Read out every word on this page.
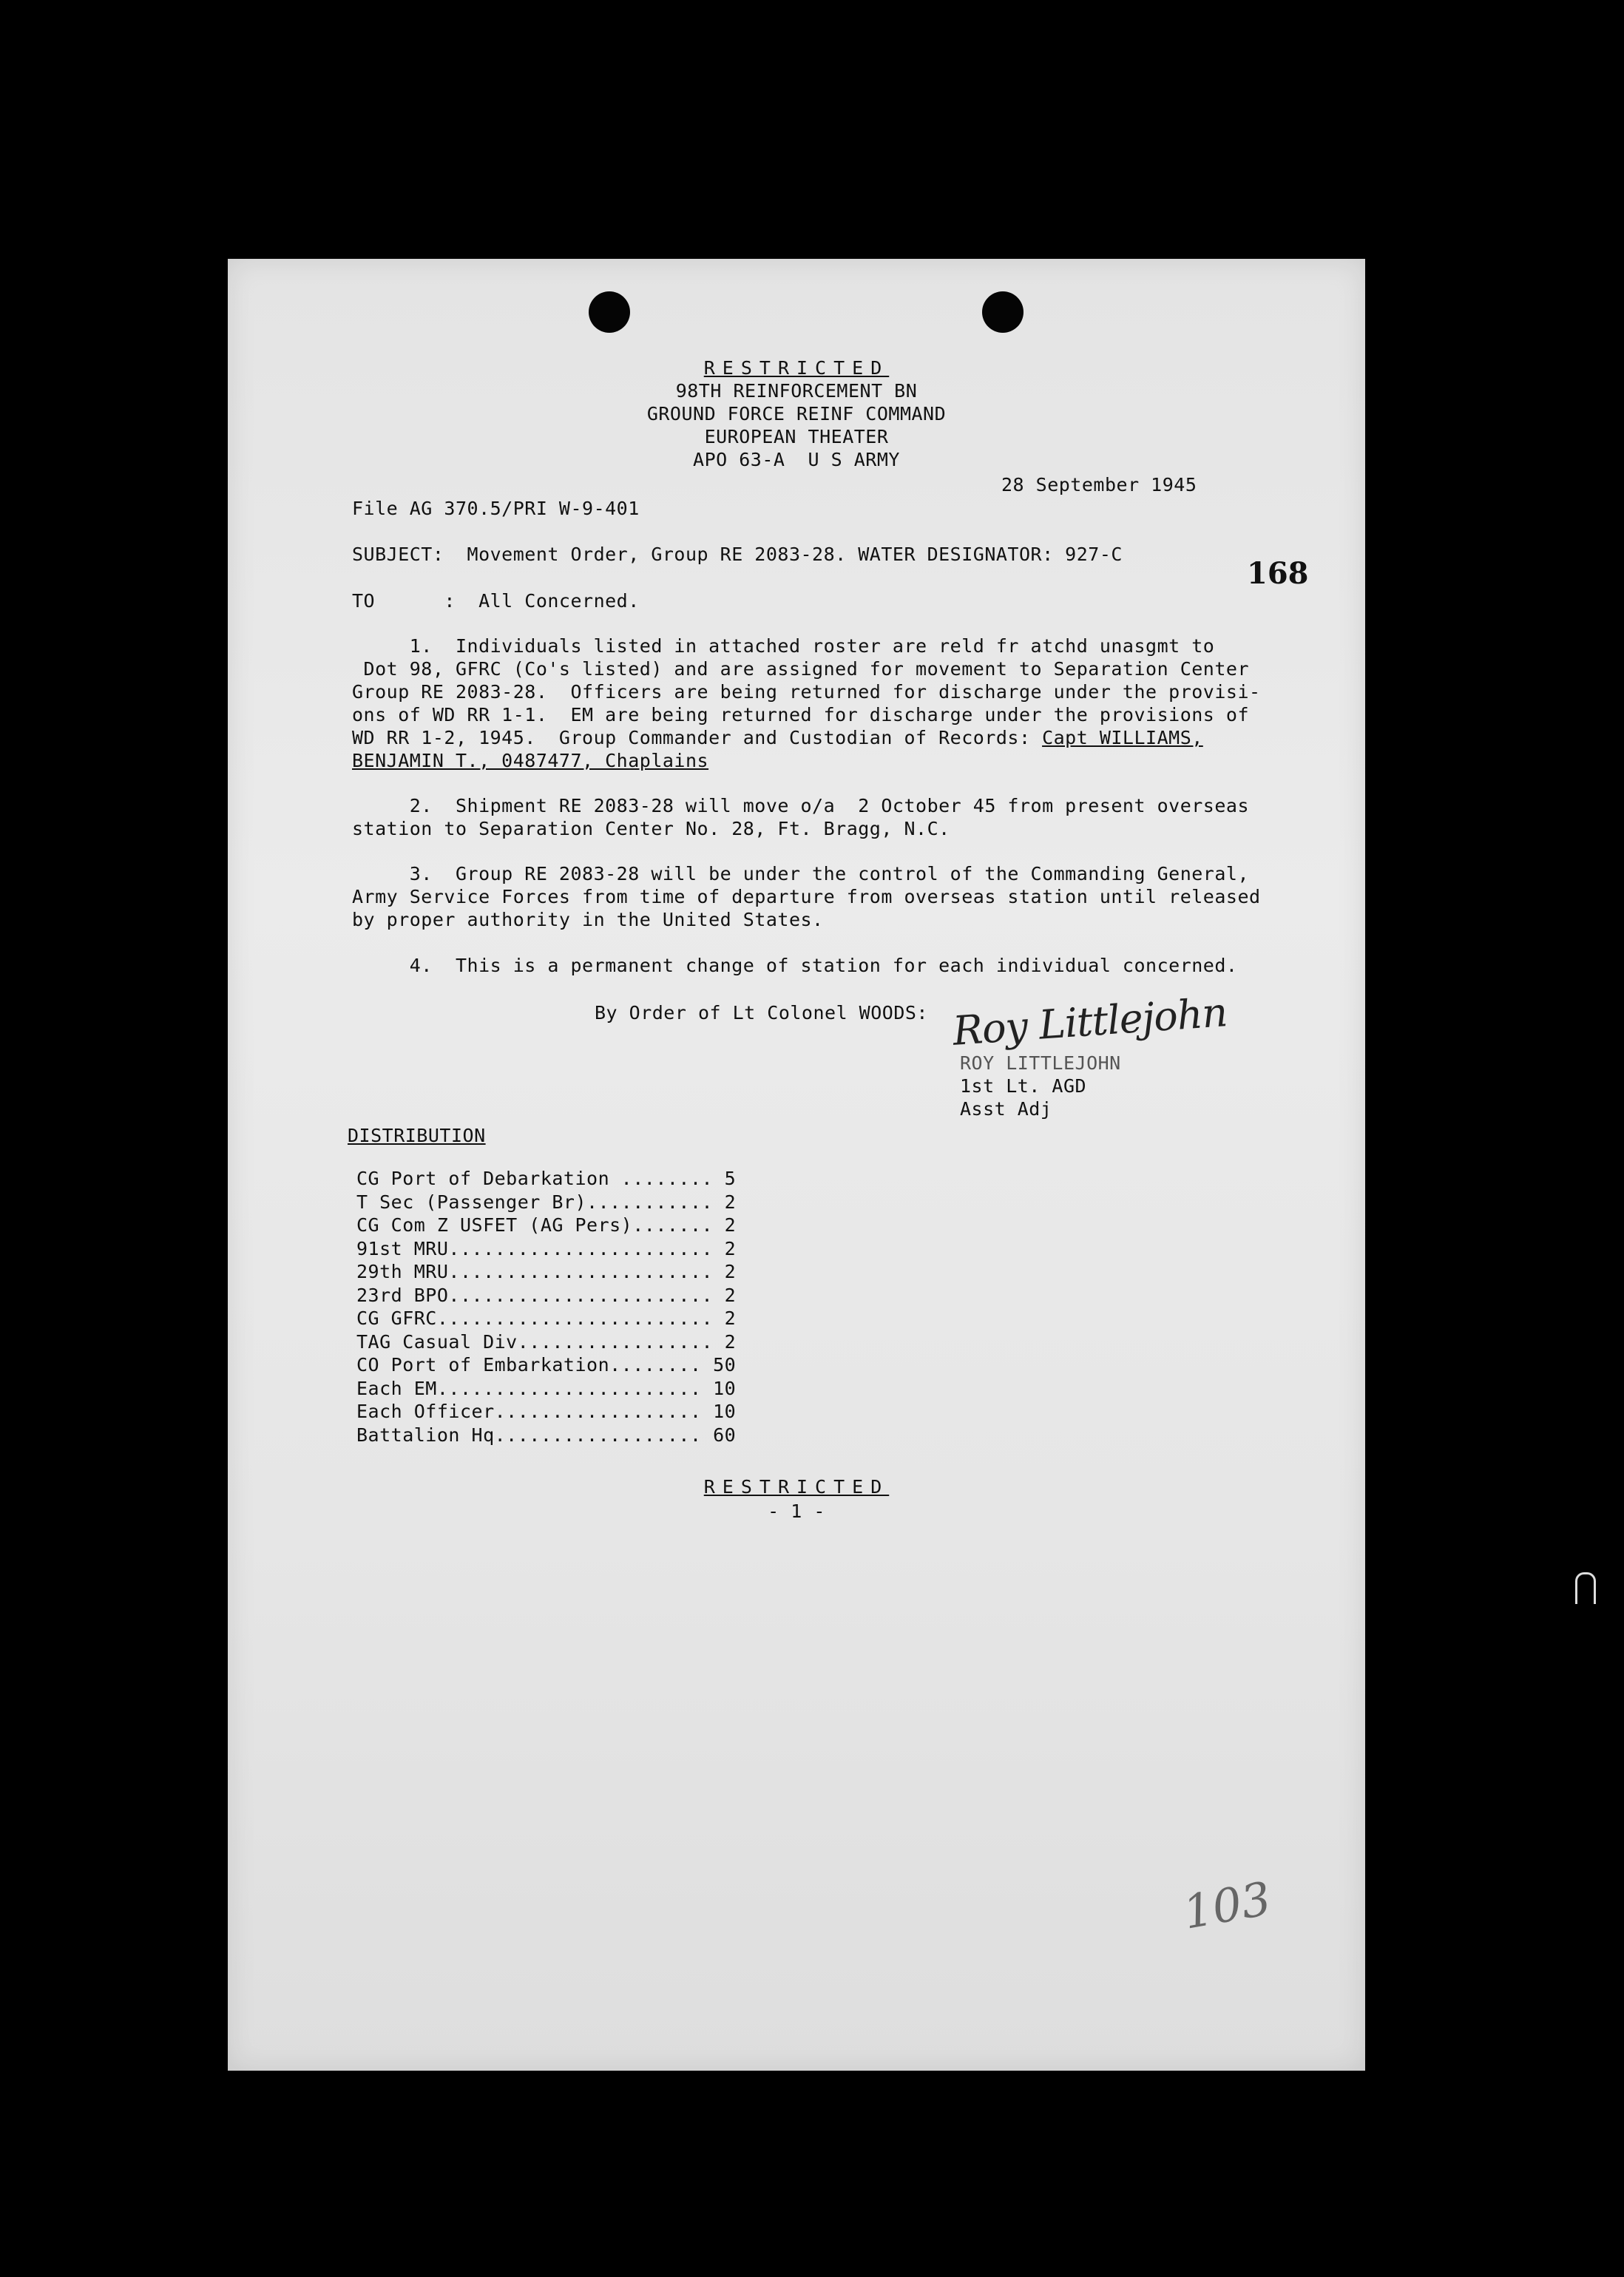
RESTRICTED
98TH REINFORCEMENT BN
GROUND FORCE REINF COMMAND
EUROPEAN THEATER
APO 63-A  U S ARMY
28 September 1945
File AG 370.5/PRI W-9-401
168
SUBJECT:  Movement Order, Group RE 2083-28. WATER DESIGNATOR: 927-C
TO      :  All Concerned.
1.  Individuals listed in attached roster are reld fr atchd unasgmt to
Dot 98, GFRC (Co's listed) and are assigned for movement to Separation Center
Group RE 2083-28.  Officers are being returned for discharge under the provisi-
ons of WD RR 1-1.  EM are being returned for discharge under the provisions of
WD RR 1-2, 1945.  Group Commander and Custodian of Records: Capt WILLIAMS,
BENJAMIN T., 0487477, Chaplains
2.  Shipment RE 2083-28 will move o/a  2 October 45 from present overseas
station to Separation Center No. 28, Ft. Bragg, N.C.
3.  Group RE 2083-28 will be under the control of the Commanding General,
Army Service Forces from time of departure from overseas station until released
by proper authority in the United States.
4.  This is a permanent change of station for each individual concerned.
By Order of Lt Colonel WOODS: Roy Littlejohn
ROY LITTLEJOHN
1st Lt. AGD
Asst Adj
DISTRIBUTION
CG Port of Debarkation ........	5
T Sec (Passenger Br)...........	2
CG Com Z USFET (AG Pers).......	2
91st MRU.......................	2
29th MRU.......................	2
23rd BPO.......................	2
CG GFRC........................	2
TAG Casual Div.................	2
CO Port of Embarkation........	50
Each EM.......................	10
Each Officer..................	10
Battalion Hq..................	60
RESTRICTED
- 1 -
103
